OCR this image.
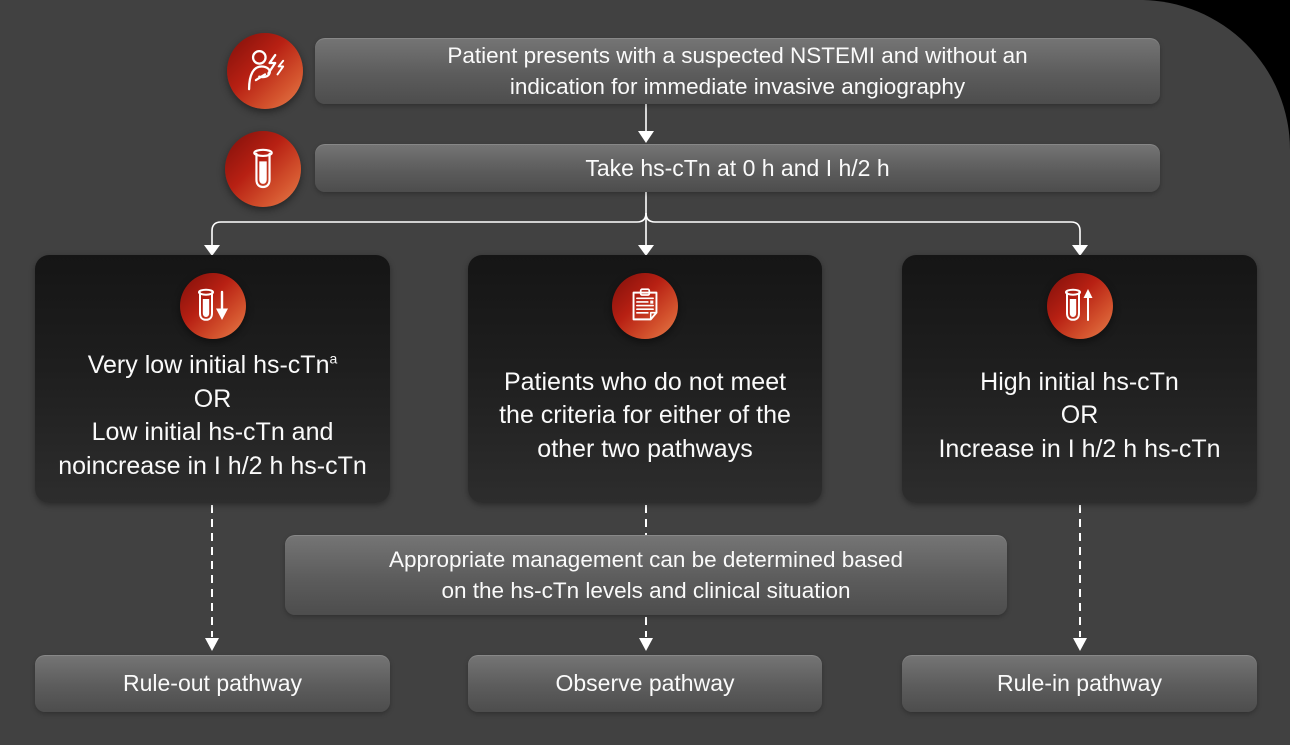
Patient presents with a suspected NSTEMI and without an
indication for immediate invasive angiography
Take hs-cTn at 0 h and I h/2 h
Very low initial hs-cTn$^a$
OR
Low initial hs-cTn and
noincrease in I h/2 h hs-cTn
Patients who do not meet
the criteria for either of the
other two pathways
High initial hs-cTn
OR
Increase in I h/2 h hs-cTn
Appropriate management can be determined based
on the hs-cTn levels and clinical situation
Rule-out pathway	Observe pathway	Rule-in pathway
